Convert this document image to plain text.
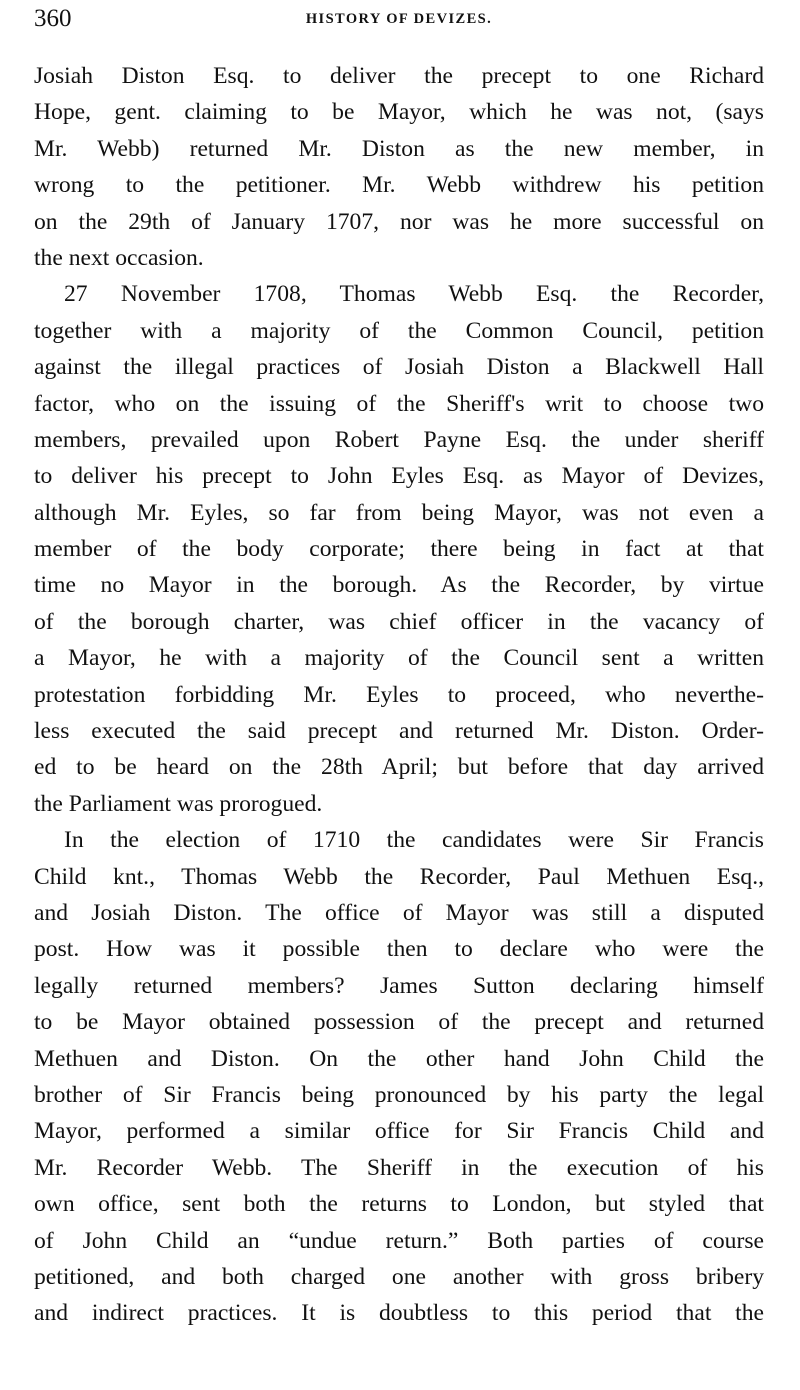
360	HISTORY OF DEVIZES.
Josiah Diston Esq. to deliver the precept to one Richard
Hope, gent. claiming to be Mayor, which he was not, (says
Mr. Webb) returned Mr. Diston as the new member, in
wrong to the petitioner. Mr. Webb withdrew his petition
on the 29th of January 1707, nor was he more successful on
the next occasion.
27 November 1708, Thomas Webb Esq. the Recorder,
together with a majority of the Common Council, petition
against the illegal practices of Josiah Diston a Blackwell Hall
factor, who on the issuing of the Sheriff's writ to choose two
members, prevailed upon Robert Payne Esq. the under sheriff
to deliver his precept to John Eyles Esq. as Mayor of Devizes,
although Mr. Eyles, so far from being Mayor, was not even a
member of the body corporate; there being in fact at that
time no Mayor in the borough. As the Recorder, by virtue
of the borough charter, was chief officer in the vacancy of
a Mayor, he with a majority of the Council sent a written
protestation forbidding Mr. Eyles to proceed, who neverthe-
less executed the said precept and returned Mr. Diston. Order-
ed to be heard on the 28th April; but before that day arrived
the Parliament was prorogued.
In the election of 1710 the candidates were Sir Francis
Child knt., Thomas Webb the Recorder, Paul Methuen Esq.,
and Josiah Diston. The office of Mayor was still a disputed
post. How was it possible then to declare who were the
legally returned members? James Sutton declaring himself
to be Mayor obtained possession of the precept and returned
Methuen and Diston. On the other hand John Child the
brother of Sir Francis being pronounced by his party the legal
Mayor, performed a similar office for Sir Francis Child and
Mr. Recorder Webb. The Sheriff in the execution of his
own office, sent both the returns to London, but styled that
of John Child an “undue return.” Both parties of course
petitioned, and both charged one another with gross bribery
and indirect practices. It is doubtless to this period that the
